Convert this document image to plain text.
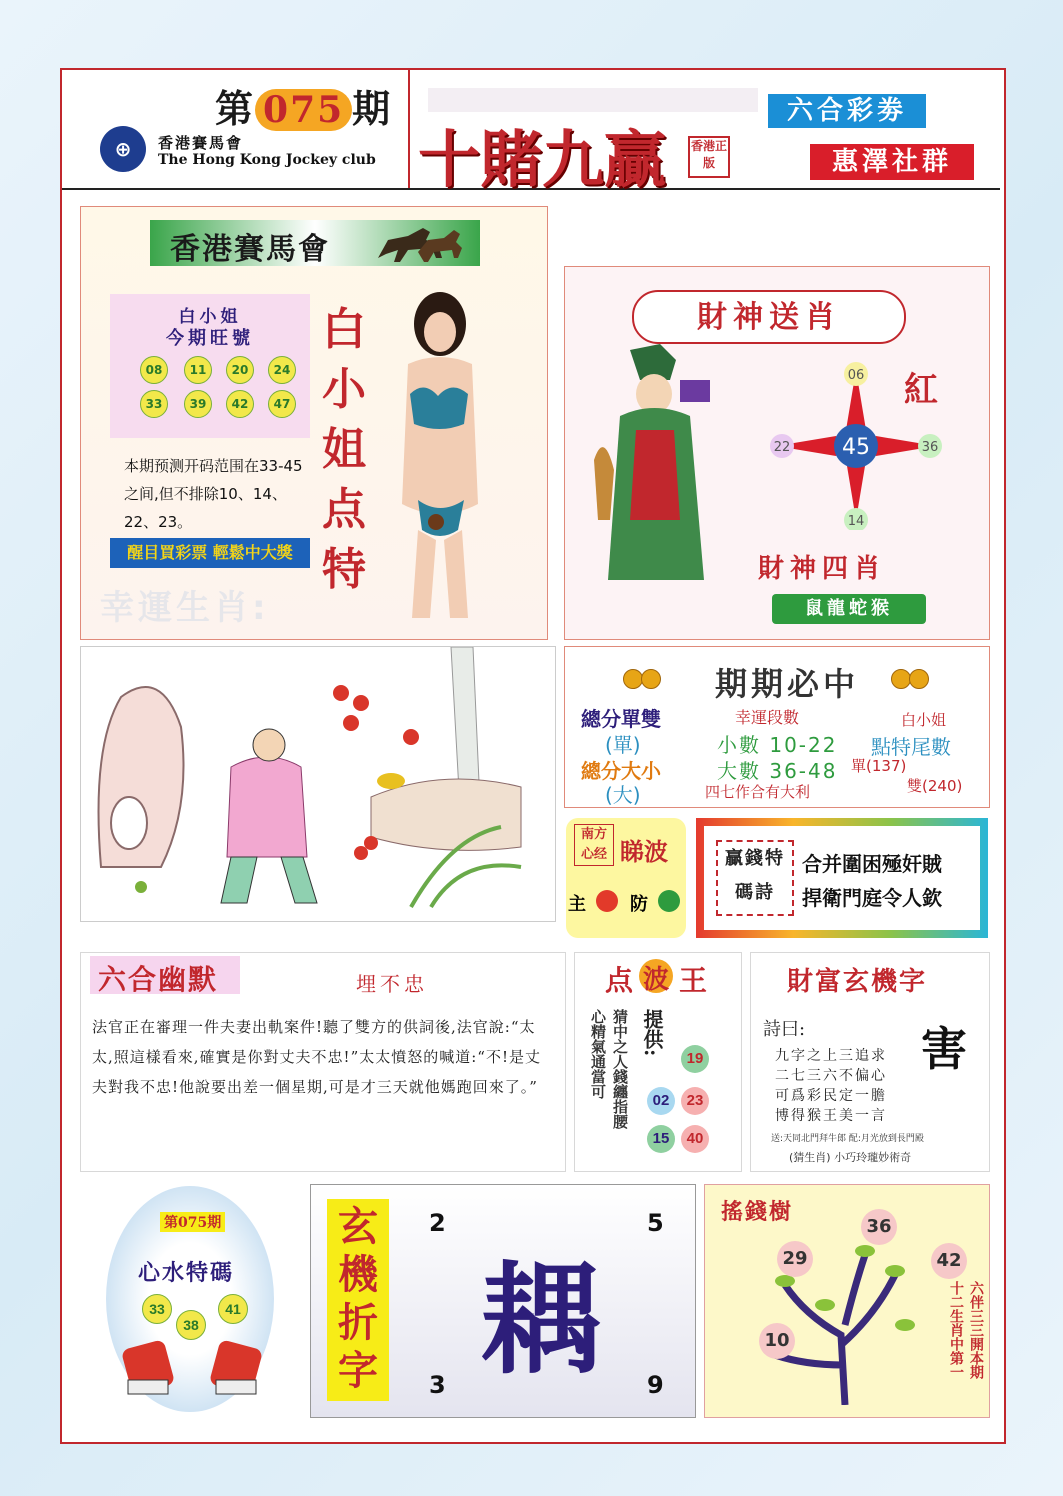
第 075 期
⊕	香港賽馬會
The Hong Kong Jockey club 十賭九贏 香港正版
六合彩劵
惠澤社群
香港賽馬會
白小姐
今期旺號
08	11	20	24
33	39	42	47
本期预测开码范围在33-45之间,但不排除10、14、22、23。
醒目買彩票 輕鬆中大獎
幸運生肖:
白小姐点特
財神送肖
45
06
14
22	36
紅
財神四肖
鼠龍蛇猴
期期必中
總分單雙
(單)
總分大小
(大)
幸運段數
小數 10-22
大數 36-48
四七作合有大利
白小姐
點特尾數
單(137)
雙(240)
南方心经 睇波
主 防
贏錢特碼詩
合并圍困殛奸賊
捍衛門庭令人欽
六合幽默	埋不忠
法官正在審理一件夫妻出軌案件!聽了雙方的供詞後,法官說:“太太,照這樣看來,確實是你對丈夫不忠!”太太憤怒的喊道:“不!是丈夫對我不忠!他說要出差一個星期,可是才三天就他媽跑回來了。”
点 波 王
心精氣通當可 猜中之人錢纏指腰 提供:
19
02	23
15	40
財富玄機字
詩曰:	害
九字之上三追求
二七三六不偏心
可爲彩民定一膽
博得猴王美一言
送:天同北門拜牛郎 配:月光放到長門殿
(猜生肖) 小巧玲瓏妙術奇
第075期
心水特碼
33
38
41
玄機折字 耦
2	5
3	9
搖錢樹
36
29	42
10	六伴三三開本期
十二生肖中第一
